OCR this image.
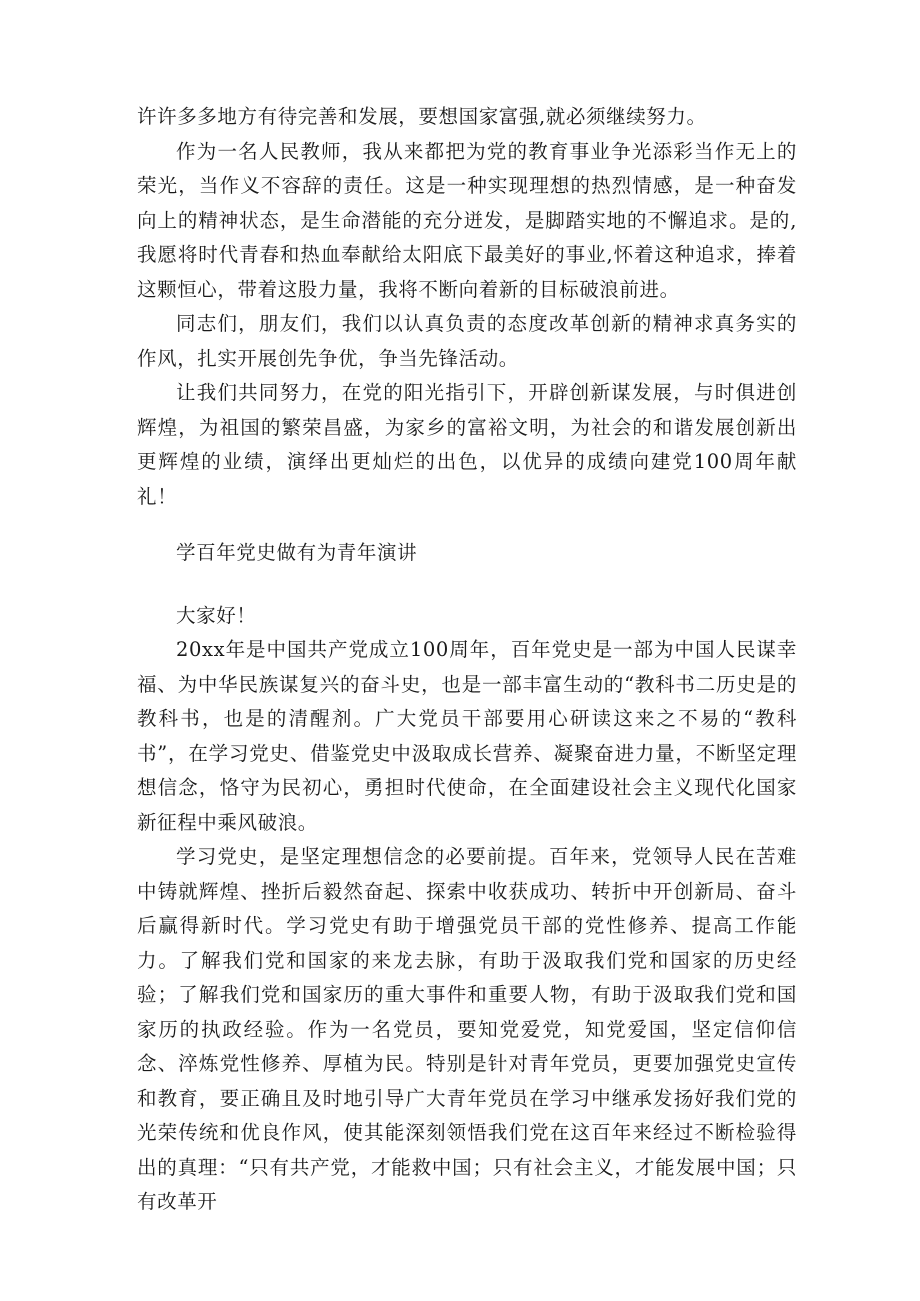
许许多多地方有待完善和发展，要想国家富强,就必须继续努力。

作为一名人民教师，我从来都把为党的教育事业争光添彩当作无上的荣光，当作义不容辞的责任。这是一种实现理想的热烈情感，是一种奋发向上的精神状态，是生命潜能的充分迸发，是脚踏实地的不懈追求。是的,我愿将时代青春和热血奉献给太阳底下最美好的事业,怀着这种追求，捧着这颗恒心，带着这股力量，我将不断向着新的目标破浪前进。

同志们，朋友们，我们以认真负责的态度改革创新的精神求真务实的作风，扎实开展创先争优，争当先锋活动。

让我们共同努力，在党的阳光指引下，开辟创新谋发展，与时俱进创辉煌，为祖国的繁荣昌盛，为家乡的富裕文明，为社会的和谐发展创新出更辉煌的业绩，演绎出更灿烂的出色，以优异的成绩向建党100周年献礼！

学百年党史做有为青年演讲

大家好！

20xx年是中国共产党成立100周年，百年党史是一部为中国人民谋幸福、为中华民族谋复兴的奋斗史，也是一部丰富生动的“教科书二历史是的教科书，也是的清醒剂。广大党员干部要用心研读这来之不易的“教科书”，在学习党史、借鉴党史中汲取成长营养、凝聚奋进力量，不断坚定理想信念，恪守为民初心，勇担时代使命，在全面建设社会主义现代化国家新征程中乘风破浪。

学习党史，是坚定理想信念的必要前提。百年来，党领导人民在苦难中铸就辉煌、挫折后毅然奋起、探索中收获成功、转折中开创新局、奋斗后赢得新时代。学习党史有助于增强党员干部的党性修养、提高工作能力。了解我们党和国家的来龙去脉，有助于汲取我们党和国家的历史经验；了解我们党和国家历的重大事件和重要人物，有助于汲取我们党和国家历的执政经验。作为一名党员，要知党爱党，知党爱国，坚定信仰信念、淬炼党性修养、厚植为民。特别是针对青年党员，更要加强党史宣传和教育，要正确且及时地引导广大青年党员在学习中继承发扬好我们党的光荣传统和优良作风，使其能深刻领悟我们党在这百年来经过不断检验得出的真理：“只有共产党，才能救中国；只有社会主义，才能发展中国；只有改革开
